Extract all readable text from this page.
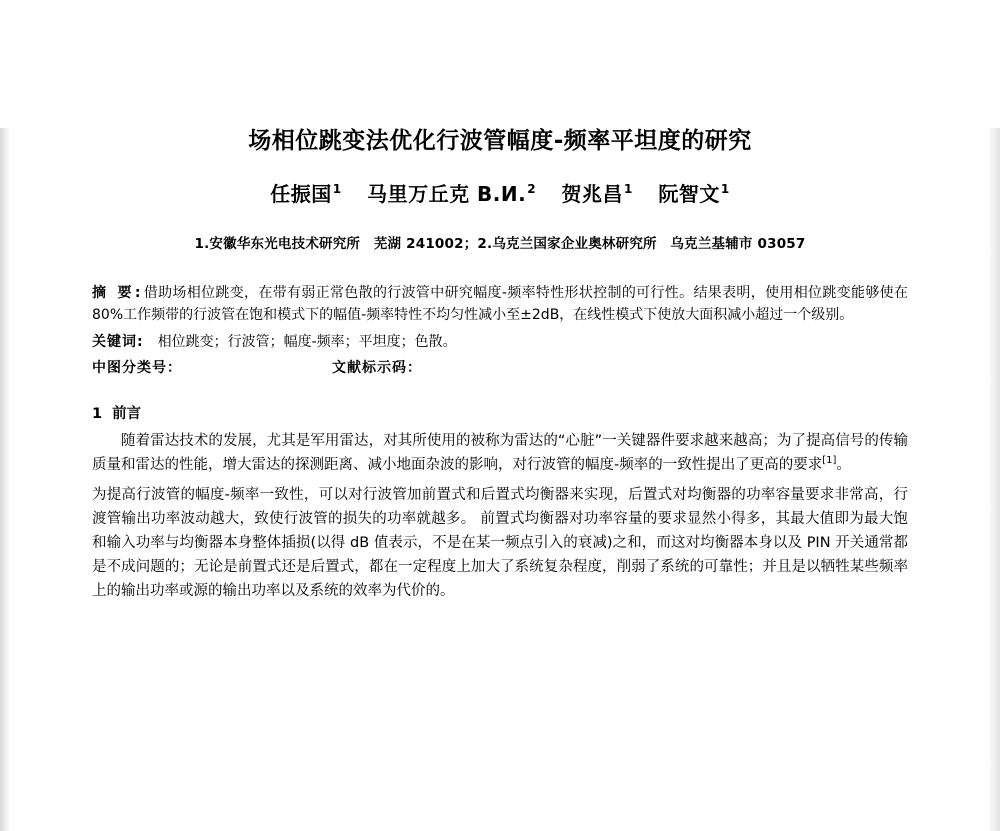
场相位跳变法优化行波管幅度-频率平坦度的研究
任振国$^1$ 马里万丘克 В.И.$^2$ 贺兆昌$^1$ 阮智文$^1$
1.安徽华东光电技术研究所　芜湖 241002；2.乌克兰国家企业奥林研究所　乌克兰基辅市 03057
摘 要:借助场相位跳变，在带有弱正常色散的行波管中研究幅度-频率特性形状控制的可行性。结果表明，使用相位跳变能够使在 80%工作频带的行波管在饱和模式下的幅值-频率特性不均匀性减小至±2dB，在线性模式下使放大面积减小超过一个级别。
关键词: 相位跳变；行波管；幅度-频率；平坦度；色散。
中图分类号：	文献标示码：
1 前言
随着雷达技术的发展，尤其是军用雷达，对其所使用的被称为雷达的“心脏”一关键器件要求越来越高；为了提高信号的传输质量和雷达的性能，增大雷达的探测距离、减小地面杂波的影响，对行波管的幅度-频率的一致性提出了更高的要求[1]。
为提高行波管的幅度-频率一致性，可以对行波管加前置式和后置式均衡器来实现，后置式对均衡器的功率容量要求非常高，行渡管输出功率波动越大，致使行波管的损失的功率就越多。 前置式均衡器对功率容量的要求显然小得多，其最大值即为最大饱和输入功率与均衡器本身整体插损(以得 dB 值表示，不是在某一频点引入的衰减)之和，而这对均衡器本身以及 PIN 开关通常都是不成问题的；无论是前置式还是后置式，都在一定程度上加大了系统复杂程度，削弱了系统的可靠性；并且是以牺牲某些频率上的输出功率或源的输出功率以及系统的效率为代价的。
